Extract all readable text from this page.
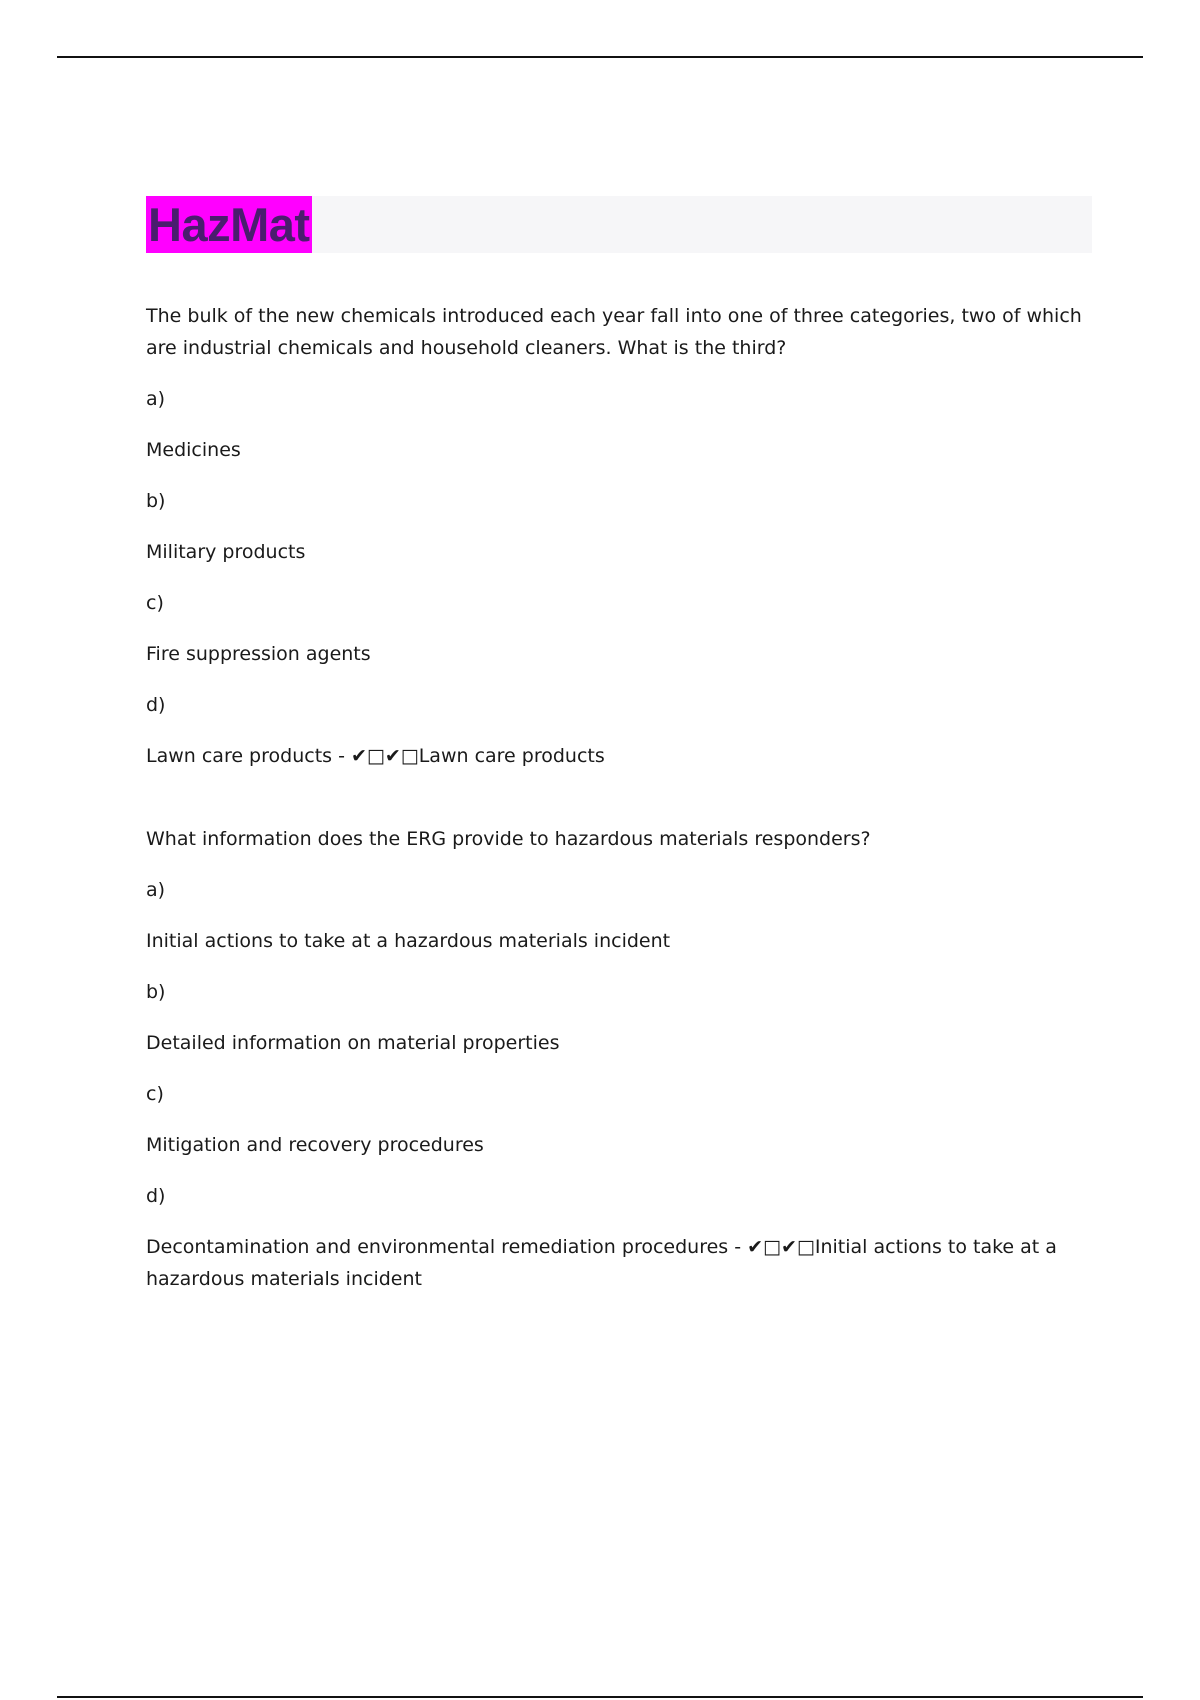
HazMat

The bulk of the new chemicals introduced each year fall into one of three categories, two of which are industrial chemicals and household cleaners. What is the third?

a)

Medicines

b)

Military products

c)

Fire suppression agents

d)

Lawn care products - ✔□✔□Lawn care products

What information does the ERG provide to hazardous materials responders?

a)

Initial actions to take at a hazardous materials incident

b)

Detailed information on material properties

c)

Mitigation and recovery procedures

d)

Decontamination and environmental remediation procedures - ✔□✔□Initial actions to take at a hazardous materials incident
